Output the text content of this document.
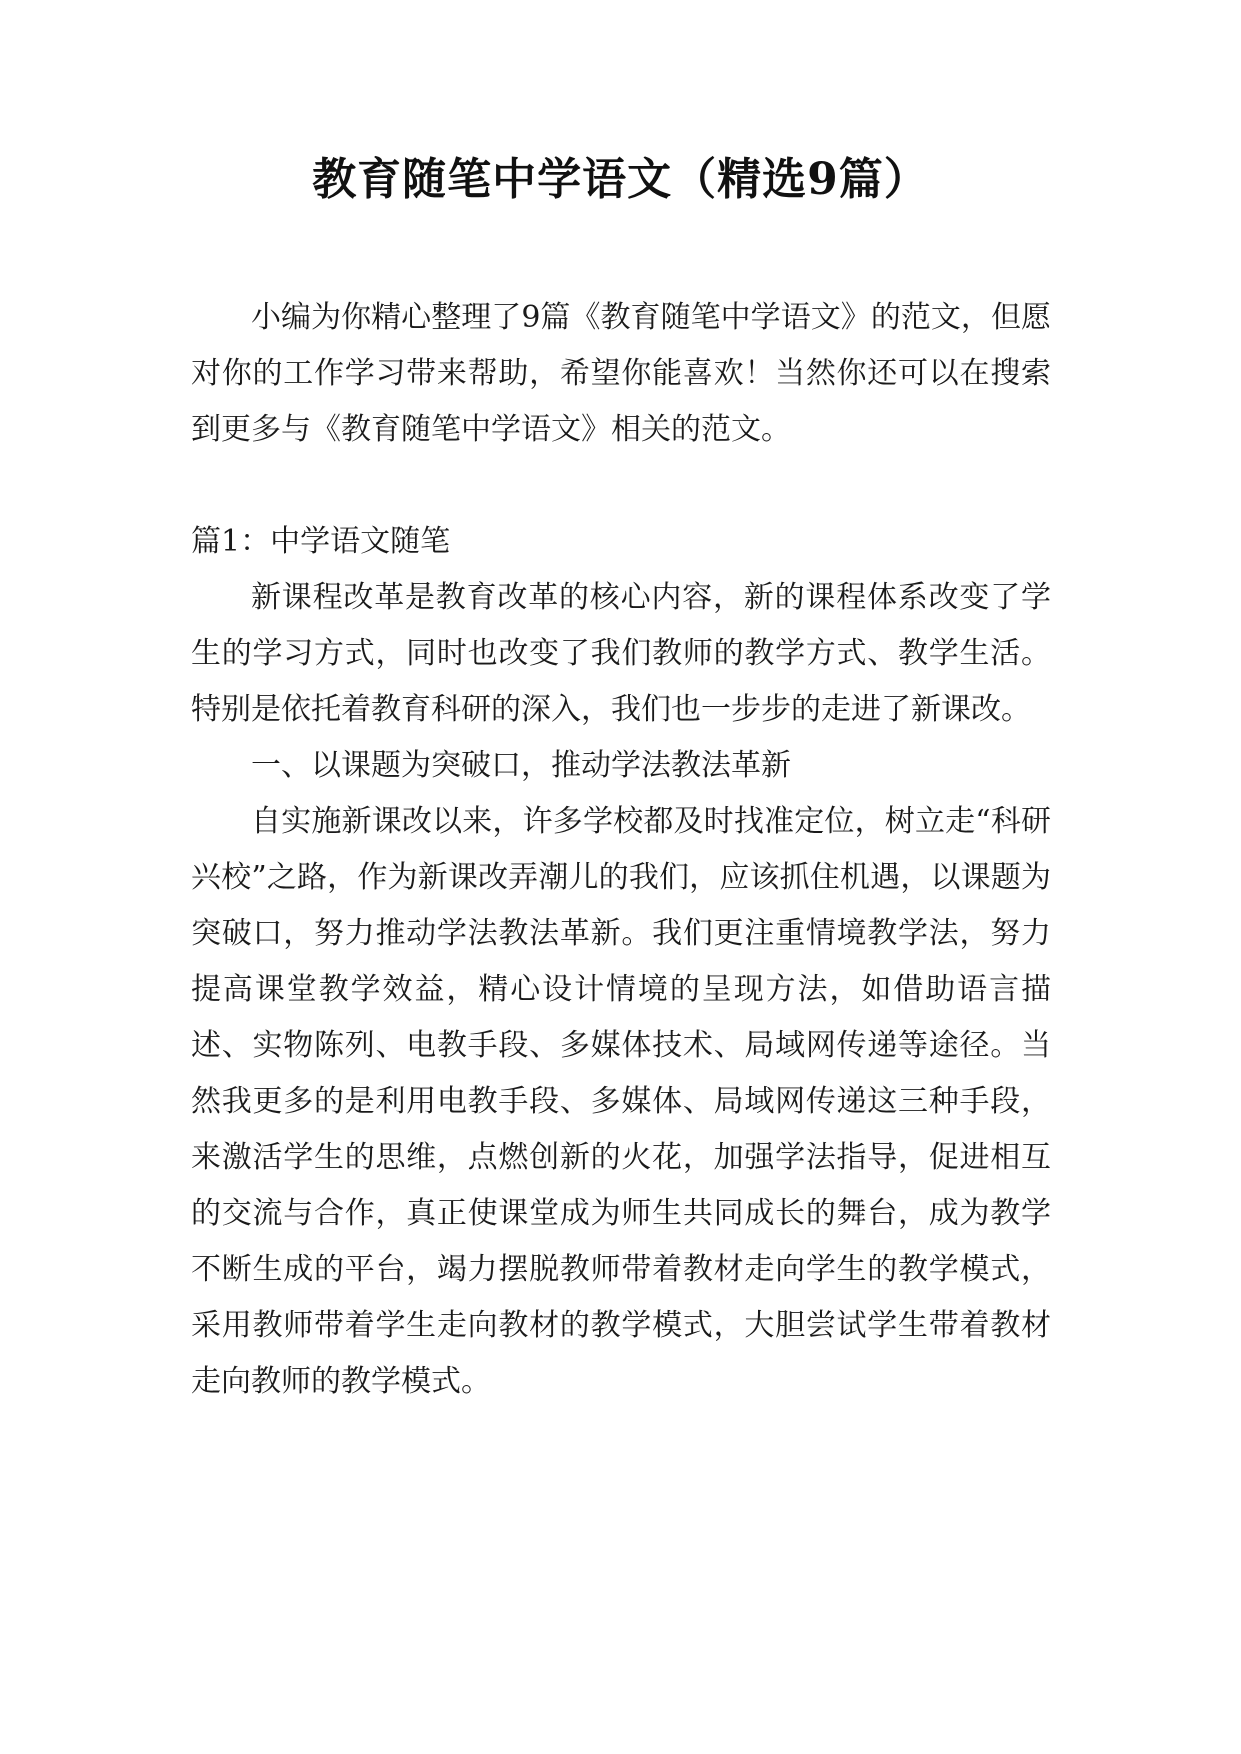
教育随笔中学语文（精选9篇）

小编为你精心整理了9篇《教育随笔中学语文》的范文，但愿对你的工作学习带来帮助，希望你能喜欢！当然你还可以在搜索到更多与《教育随笔中学语文》相关的范文。

篇1：中学语文随笔

新课程改革是教育改革的核心内容，新的课程体系改变了学生的学习方式，同时也改变了我们教师的教学方式、教学生活。特别是依托着教育科研的深入，我们也一步步的走进了新课改。

一、以课题为突破口，推动学法教法革新

自实施新课改以来，许多学校都及时找准定位，树立走“科研兴校”之路，作为新课改弄潮儿的我们，应该抓住机遇，以课题为突破口，努力推动学法教法革新。我们更注重情境教学法，努力提高课堂教学效益，精心设计情境的呈现方法，如借助语言描述、实物陈列、电教手段、多媒体技术、局域网传递等途径。当然我更多的是利用电教手段、多媒体、局域网传递这三种手段，来激活学生的思维，点燃创新的火花，加强学法指导，促进相互的交流与合作，真正使课堂成为师生共同成长的舞台，成为教学不断生成的平台，竭力摆脱教师带着教材走向学生的教学模式，采用教师带着学生走向教材的教学模式，大胆尝试学生带着教材走向教师的教学模式。
